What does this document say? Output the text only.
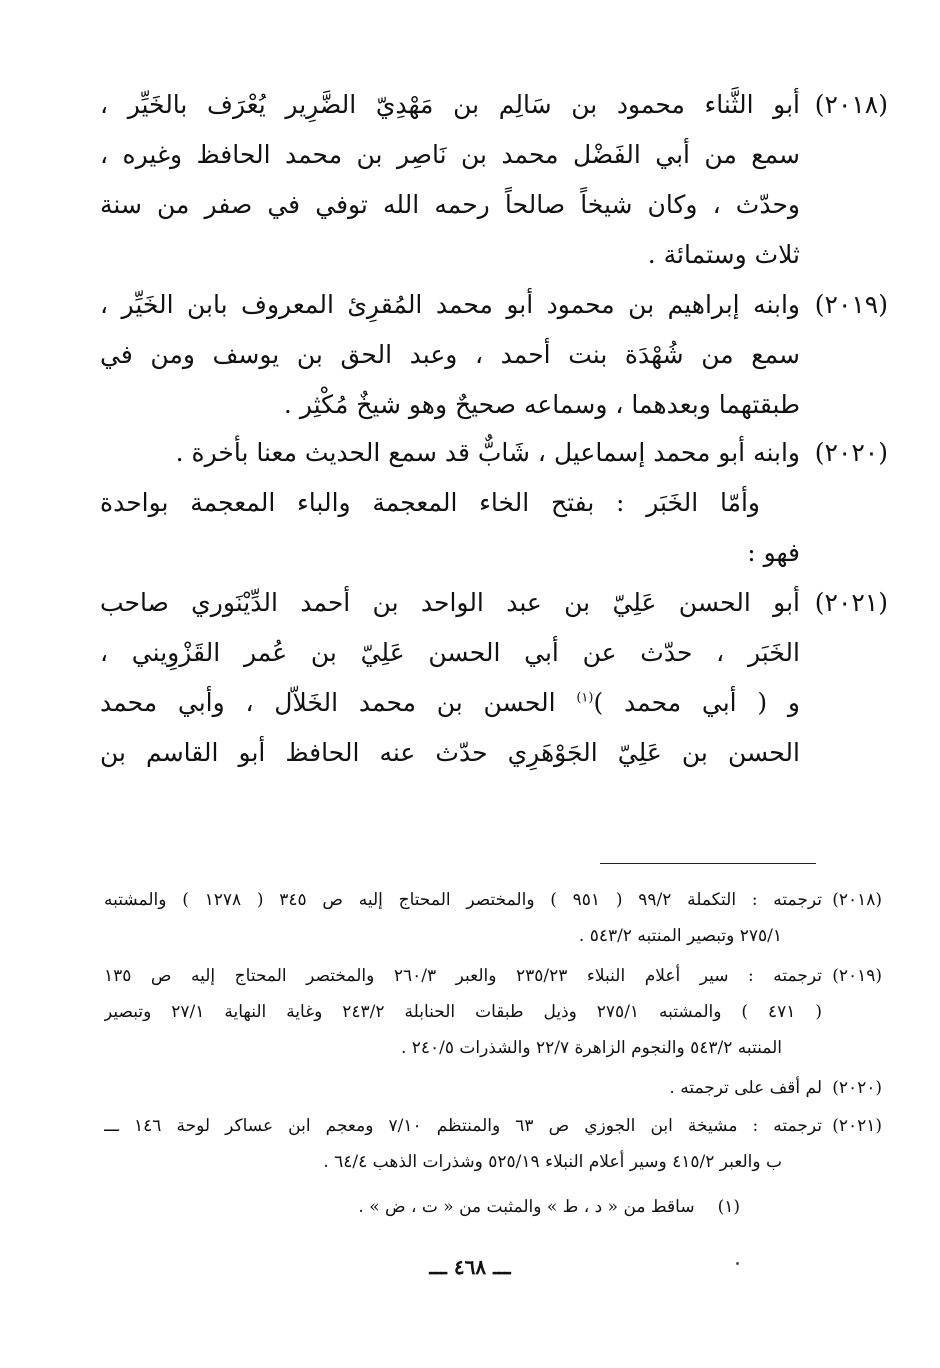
(٢٠١٨)
أبو الثَّناء محمود بن سَالِم بن مَهْدِيّ الضَّرِير يُعْرَف بالخَيِّر ،
سمع من أبي الفَضْل محمد بن نَاصِر بن محمد الحافظ وغيره ،
وحدّث ، وكان شيخاً صالحاً رحمه الله توفي في صفر من سنة
ثلاث وستمائة .
(٢٠١٩)
وابنه إبراهيم بن محمود أبو محمد المُقرِئ المعروف بابن الخَيِّر ،
سمع من شُهْدَة بنت أحمد ، وعبد الحق بن يوسف ومن في
طبقتهما وبعدهما ، وسماعه صحيحٌ وهو شيخٌ مُكْثِر .
(٢٠٢٠)
وابنه أبو محمد إسماعيل ، شَابٌّ قد سمع الحديث معنا بأخرة .
وأمّا الخَبَر : بفتح الخاء المعجمة والباء المعجمة بواحدة
فهو :
(٢٠٢١)
أبو الحسن عَلِيّ بن عبد الواحد بن أحمد الدِّيْنَوري صاحب
الخَبَر ، حدّث عن أبي الحسن عَلِيّ بن عُمر القَزْوِيني ،
و ( أبي محمد )$^{(١)}$ الحسن بن محمد الخَلاّل ، وأبي محمد
الحسن بن عَلِيّ الجَوْهَرِي حدّث عنه الحافظ أبو القاسم بن
(٢٠١٨)
ترجمته : التكملة ٩٩/٢ ( ٩٥١ ) والمختصر المحتاج إليه ص ٣٤٥ ( ١٢٧٨ ) والمشتبه
٢٧٥/١ وتبصير المنتبه ٥٤٣/٢ .
(٢٠١٩)
ترجمته : سير أعلام النبلاء ٢٣٥/٢٣ والعبر ٢٦٠/٣ والمختصر المحتاج إليه ص ١٣٥
( ٤٧١ ) والمشتبه ٢٧٥/١ وذيل طبقات الحنابلة ٢٤٣/٢ وغاية النهاية ٢٧/١ وتبصير
المنتبه ٥٤٣/٢ والنجوم الزاهرة ٢٢/٧ والشذرات ٢٤٠/٥ .
(٢٠٢٠)
لم أقف على ترجمته .
(٢٠٢١)
ترجمته : مشيخة ابن الجوزي ص ٦٣ والمنتظم ٧/١٠ ومعجم ابن عساكر لوحة ١٤٦ ـــ
ب والعبر ٤١٥/٢ وسير أعلام النبلاء ٥٢٥/١٩ وشذرات الذهب ٦٤/٤ .
(١) ساقط من « د ، ط » والمثبت من « ت ، ض » .
ـــ ٤٦٨ ـــ
